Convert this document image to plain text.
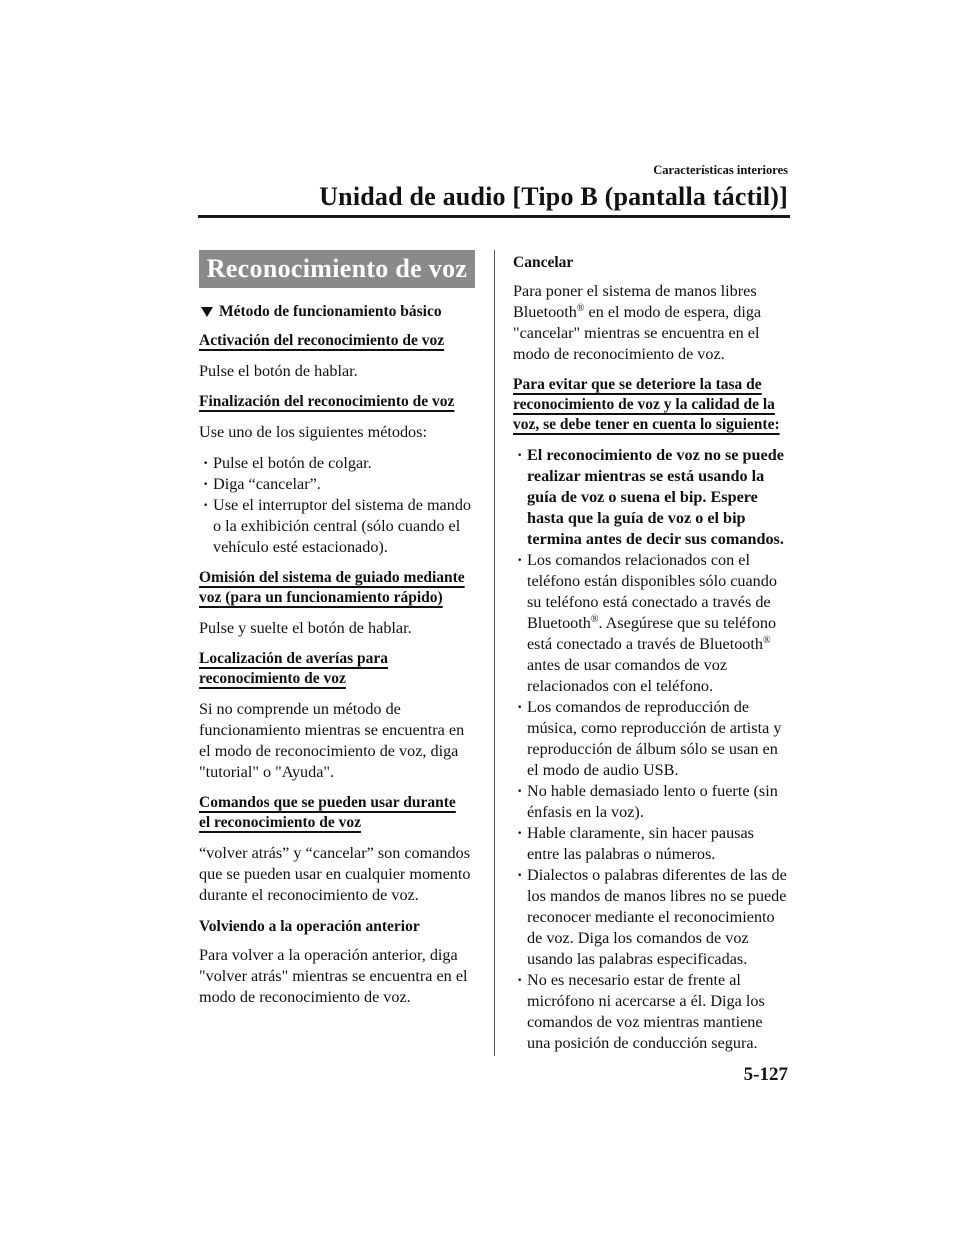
Características interiores
Unidad de audio [Tipo B (pantalla táctil)]
Reconocimiento de voz
Método de funcionamiento básico
Activación del reconocimiento de voz

Pulse el botón de hablar.

Finalización del reconocimiento de voz

Use uno de los siguientes métodos:

· Pulse el botón de colgar.
· Diga “cancelar”.
· Use el interruptor del sistema de mando o la exhibición central (sólo cuando el vehículo esté estacionado).
Omisión del sistema de guiado mediante
voz (para un funcionamiento rápido)

Pulse y suelte el botón de hablar.

Localización de averías para
reconocimiento de voz

Si no comprende un método de funcionamiento mientras se encuentra en el modo de reconocimiento de voz, diga "tutorial" o "Ayuda".

Comandos que se pueden usar durante
el reconocimiento de voz

“volver atrás” y “cancelar” son comandos que se pueden usar en cualquier momento durante el reconocimiento de voz.

Volviendo a la operación anterior

Para volver a la operación anterior, diga "volver atrás" mientras se encuentra en el modo de reconocimiento de voz.

Cancelar

Para poner el sistema de manos libres Bluetooth® en el modo de espera, diga "cancelar" mientras se encuentra en el modo de reconocimiento de voz.

Para evitar que se deteriore la tasa de
reconocimiento de voz y la calidad de la
voz, se debe tener en cuenta lo siguiente:
· El reconocimiento de voz no se puede realizar mientras se está usando la guía de voz o suena el bip. Espere hasta que la guía de voz o el bip termina antes de decir sus comandos.
· Los comandos relacionados con el teléfono están disponibles sólo cuando su teléfono está conectado a través de Bluetooth®. Asegúrese que su teléfono está conectado a través de Bluetooth® antes de usar comandos de voz relacionados con el teléfono.
· Los comandos de reproducción de música, como reproducción de artista y reproducción de álbum sólo se usan en el modo de audio USB.
· No hable demasiado lento o fuerte (sin énfasis en la voz).
· Hable claramente, sin hacer pausas entre las palabras o números.
· Dialectos o palabras diferentes de las de los mandos de manos libres no se puede reconocer mediante el reconocimiento de voz. Diga los comandos de voz usando las palabras especificadas.
· No es necesario estar de frente al micrófono ni acercarse a él. Diga los comandos de voz mientras mantiene una posición de conducción segura.
5-127
